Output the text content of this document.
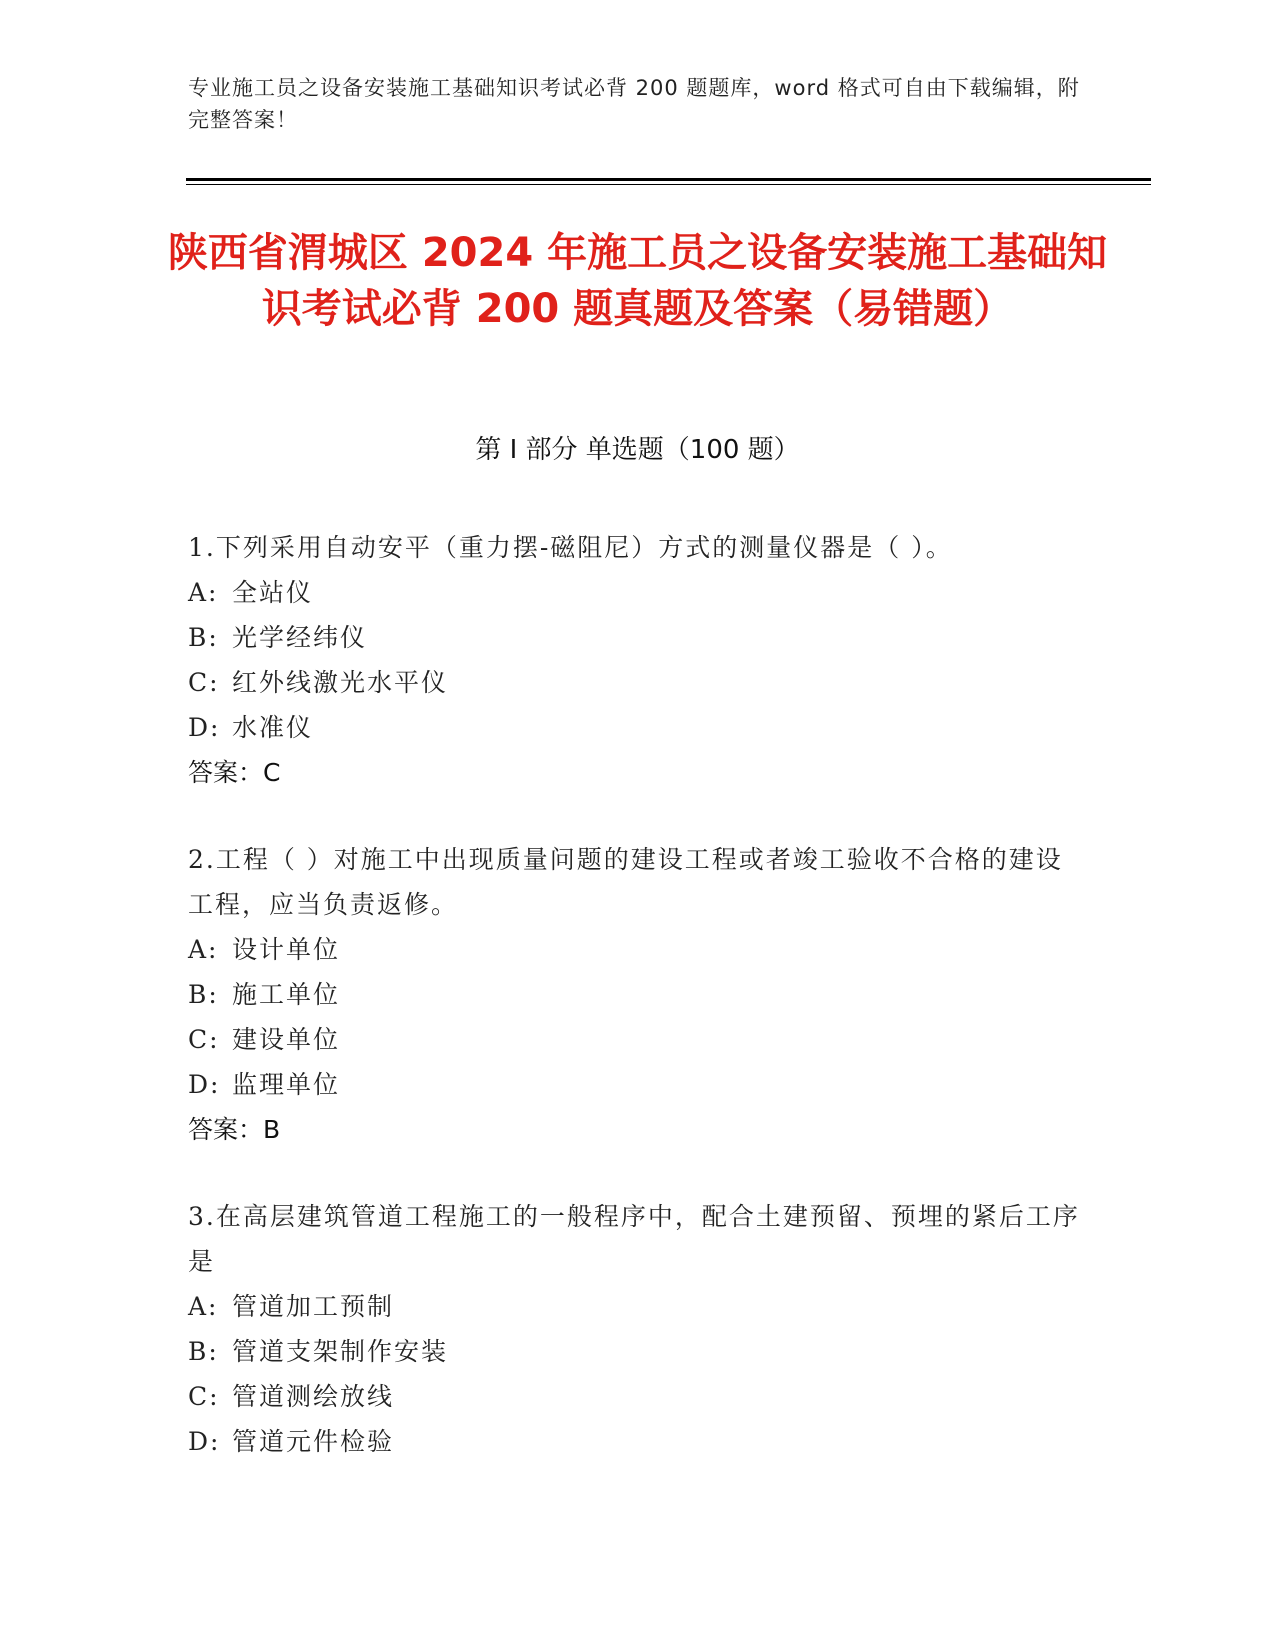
专业施工员之设备安装施工基础知识考试必背 200 题题库，word 格式可自由下载编辑，附完整答案！
陕西省渭城区 2024 年施工员之设备安装施工基础知识考试必背 200 题真题及答案（易错题）
第 I 部分 单选题（100 题）

1.下列采用自动安平（重力摆-磁阻尼）方式的测量仪器是（ ）。

A: 全站仪

B: 光学经纬仪

C: 红外线激光水平仪

D: 水准仪

答案：C

2.工程（ ）对施工中出现质量问题的建设工程或者竣工验收不合格的建设工程，应当负责返修。

A: 设计单位

B: 施工单位

C: 建设单位

D: 监理单位

答案：B

3.在高层建筑管道工程施工的一般程序中，配合土建预留、预埋的紧后工序是

A: 管道加工预制

B: 管道支架制作安装

C: 管道测绘放线

D: 管道元件检验
